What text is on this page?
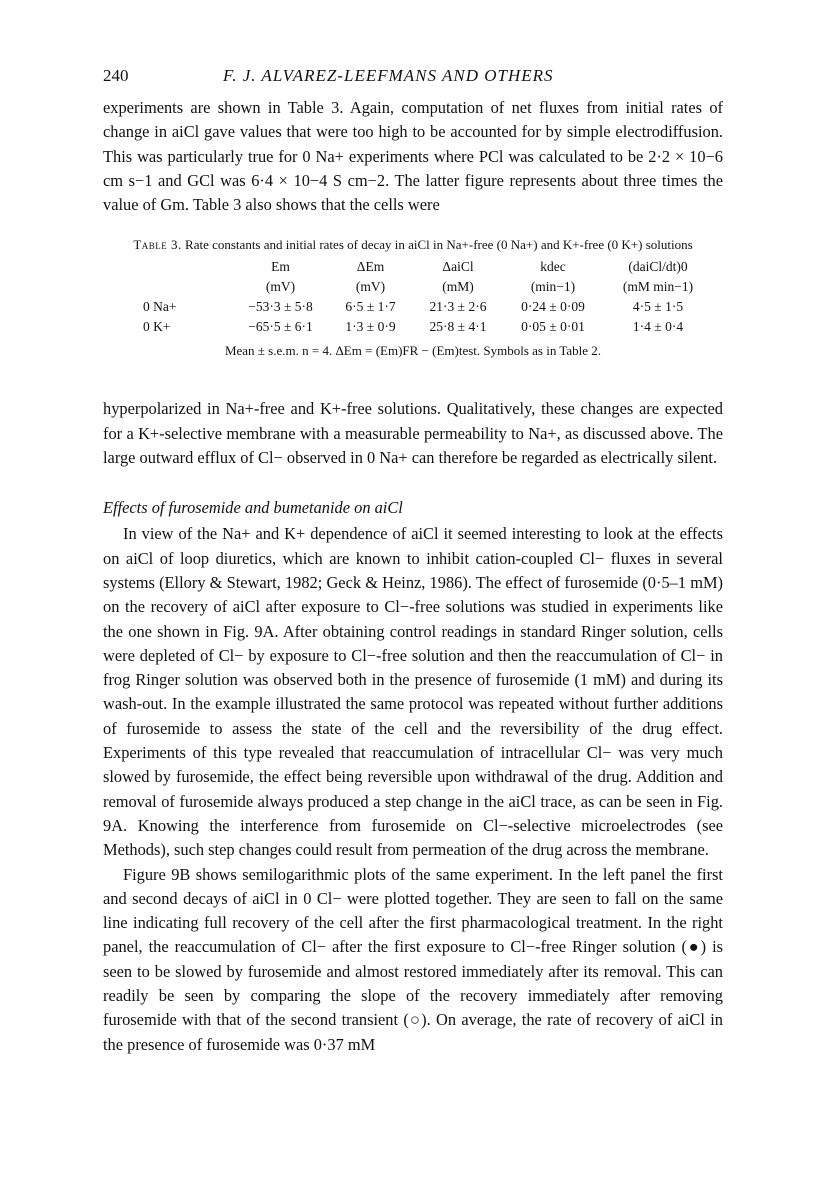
240	F. J. ALVAREZ-LEEFMANS AND OTHERS

experiments are shown in Table 3. Again, computation of net fluxes from initial rates of change in aiCl gave values that were too high to be accounted for by simple electrodiffusion. This was particularly true for 0 Na+ experiments where PCl was calculated to be 2·2 × 10−6 cm s−1 and GCl was 6·4 × 10−4 S cm−2. The latter figure represents about three times the value of Gm. Table 3 also shows that the cells were

Table 3. Rate constants and initial rates of decay in aiCl in Na+-free (0 Na+) and K+-free (0 K+) solutions
	Em	ΔEm	ΔaiCl	kdec	(daiCl/dt)0
	(mV)	(mV)	(mM)	(min−1)	(mM min−1)
0 Na+	−53·3 ± 5·8	6·5 ± 1·7	21·3 ± 2·6	0·24 ± 0·09	4·5 ± 1·5
0 K+	−65·5 ± 6·1	1·3 ± 0·9	25·8 ± 4·1	0·05 ± 0·01	1·4 ± 0·4
Mean ± s.e.m. n = 4. ΔEm = (Em)FR − (Em)test. Symbols as in Table 2.

hyperpolarized in Na+-free and K+-free solutions. Qualitatively, these changes are expected for a K+-selective membrane with a measurable permeability to Na+, as discussed above. The large outward efflux of Cl− observed in 0 Na+ can therefore be regarded as electrically silent.

Effects of furosemide and bumetanide on aiCl

In view of the Na+ and K+ dependence of aiCl it seemed interesting to look at the effects on aiCl of loop diuretics, which are known to inhibit cation-coupled Cl− fluxes in several systems (Ellory & Stewart, 1982; Geck & Heinz, 1986). The effect of furosemide (0·5–1 mM) on the recovery of aiCl after exposure to Cl−-free solutions was studied in experiments like the one shown in Fig. 9A. After obtaining control readings in standard Ringer solution, cells were depleted of Cl− by exposure to Cl−-free solution and then the reaccumulation of Cl− in frog Ringer solution was observed both in the presence of furosemide (1 mM) and during its wash-out. In the example illustrated the same protocol was repeated without further additions of furosemide to assess the state of the cell and the reversibility of the drug effect. Experiments of this type revealed that reaccumulation of intracellular Cl− was very much slowed by furosemide, the effect being reversible upon withdrawal of the drug. Addition and removal of furosemide always produced a step change in the aiCl trace, as can be seen in Fig. 9A. Knowing the interference from furosemide on Cl−-selective microelectrodes (see Methods), such step changes could result from permeation of the drug across the membrane.

Figure 9B shows semilogarithmic plots of the same experiment. In the left panel the first and second decays of aiCl in 0 Cl− were plotted together. They are seen to fall on the same line indicating full recovery of the cell after the first pharmacological treatment. In the right panel, the reaccumulation of Cl− after the first exposure to Cl−-free Ringer solution (●) is seen to be slowed by furosemide and almost restored immediately after its removal. This can readily be seen by comparing the slope of the recovery immediately after removing furosemide with that of the second transient (○). On average, the rate of recovery of aiCl in the presence of furosemide was 0·37 mM
